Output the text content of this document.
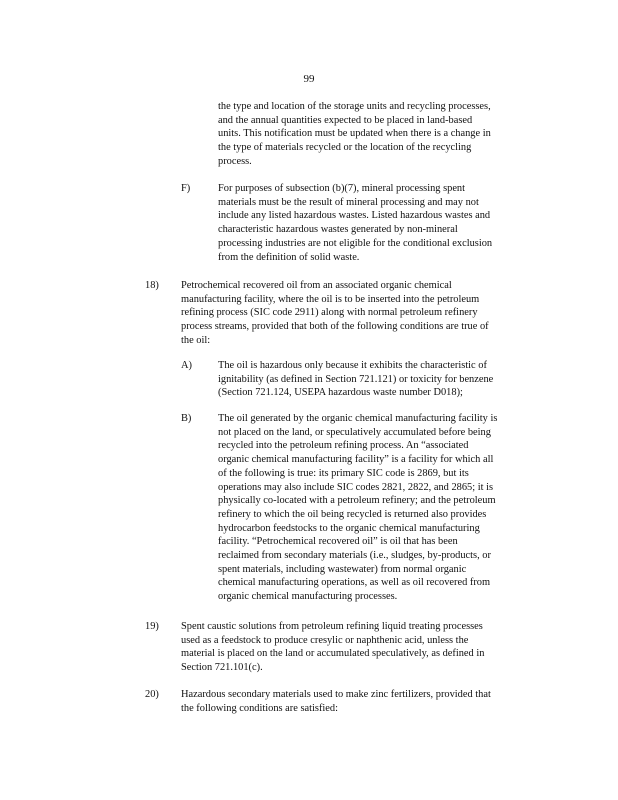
99
the type and location of the storage units and recycling processes,
and the annual quantities expected to be placed in land-based
units. This notification must be updated when there is a change in
the type of materials recycled or the location of the recycling
process.
F)	For purposes of subsection (b)(7), mineral processing spent
materials must be the result of mineral processing and may not
include any listed hazardous wastes. Listed hazardous wastes and
characteristic hazardous wastes generated by non-mineral
processing industries are not eligible for the conditional exclusion
from the definition of solid waste.
18) Petrochemical recovered oil from an associated organic chemical
manufacturing facility, where the oil is to be inserted into the petroleum
refining process (SIC code 2911) along with normal petroleum refinery
process streams, provided that both of the following conditions are true of
the oil:
A)	The oil is hazardous only because it exhibits the characteristic of
ignitability (as defined in Section 721.121) or toxicity for benzene
(Section 721.124, USEPA hazardous waste number D018);
B)	The oil generated by the organic chemical manufacturing facility is
not placed on the land, or speculatively accumulated before being
recycled into the petroleum refining process. An “associated
organic chemical manufacturing facility” is a facility for which all
of the following is true: its primary SIC code is 2869, but its
operations may also include SIC codes 2821, 2822, and 2865; it is
physically co-located with a petroleum refinery; and the petroleum
refinery to which the oil being recycled is returned also provides
hydrocarbon feedstocks to the organic chemical manufacturing
facility. “Petrochemical recovered oil” is oil that has been
reclaimed from secondary materials (i.e., sludges, by-products, or
spent materials, including wastewater) from normal organic
chemical manufacturing operations, as well as oil recovered from
organic chemical manufacturing processes.
19) Spent caustic solutions from petroleum refining liquid treating processes
used as a feedstock to produce cresylic or naphthenic acid, unless the
material is placed on the land or accumulated speculatively, as defined in
Section 721.101(c).
20) Hazardous secondary materials used to make zinc fertilizers, provided that
the following conditions are satisfied:
